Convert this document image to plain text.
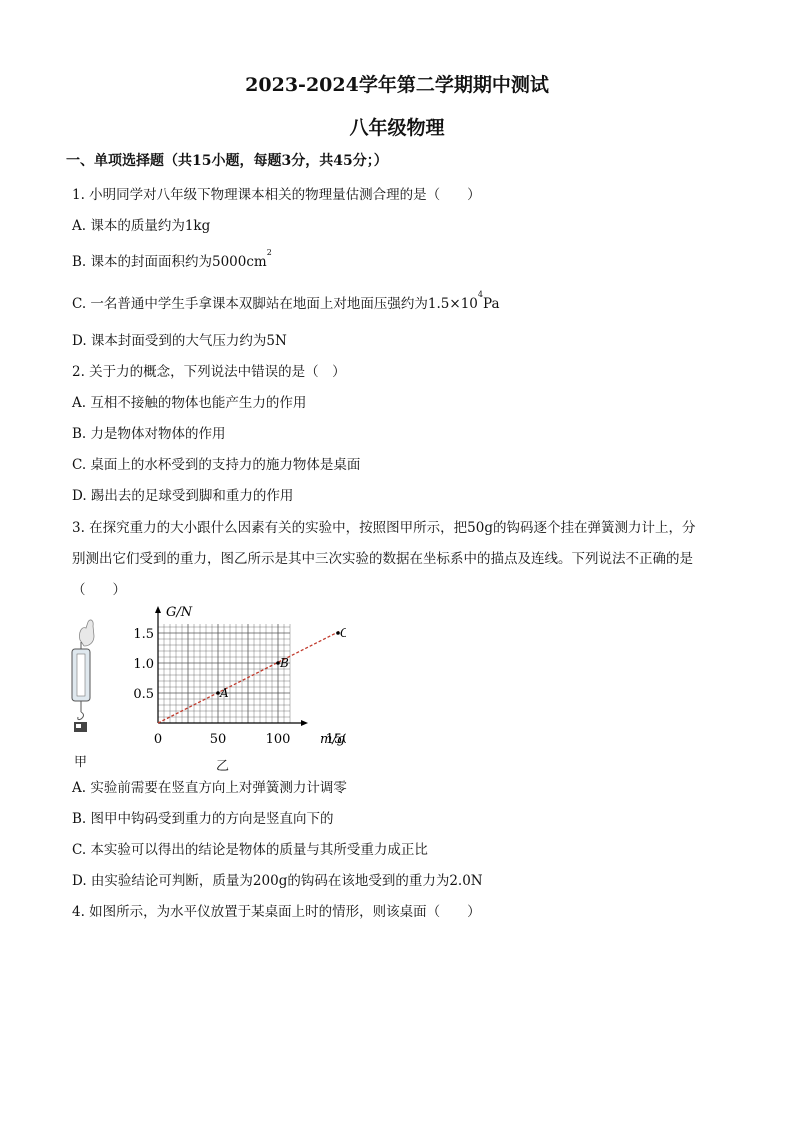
2023-2024学年第二学期期中测试
八年级物理
一、单项选择题（共15小题，每题3分，共45分；）
1. 小明同学对八年级下物理课本相关的物理量估测合理的是（　　）
A. 课本的质量约为1kg
B. 课本的封面面积约为$5000cm^2$
C. 一名普通中学生手拿课本双脚站在地面上对地面压强约为$1.5\times 10^4Pa$
D. 课本封面受到的大气压力约为5N
2. 关于力的概念，下列说法中错误的是（　）
A. 互相不接触的物体也能产生力的作用
B. 力是物体对物体的作用
C. 桌面上的水杯受到的支持力的施力物体是桌面
D. 踢出去的足球受到脚和重力的作用
3. 在探究重力的大小跟什么因素有关的实验中，按照图甲所示，把50g的钩码逐个挂在弹簧测力计上，分
别测出它们受到的重力，图乙所示是其中三次实验的数据在坐标系中的描点及连线。下列说法不正确的是
（　　）
G/N
m/g
0	50	100	15
0.5
1.0
1.5
A
B
甲	乙
A. 实验前需要在竖直方向上对弹簧测力计调零
B. 图甲中钩码受到重力的方向是竖直向下的
C. 本实验可以得出的结论是物体的质量与其所受重力成正比
D. 由实验结论可判断，质量为200g的钩码在该地受到的重力为2.0N
4. 如图所示，为水平仪放置于某桌面上时的情形，则该桌面（　　）
